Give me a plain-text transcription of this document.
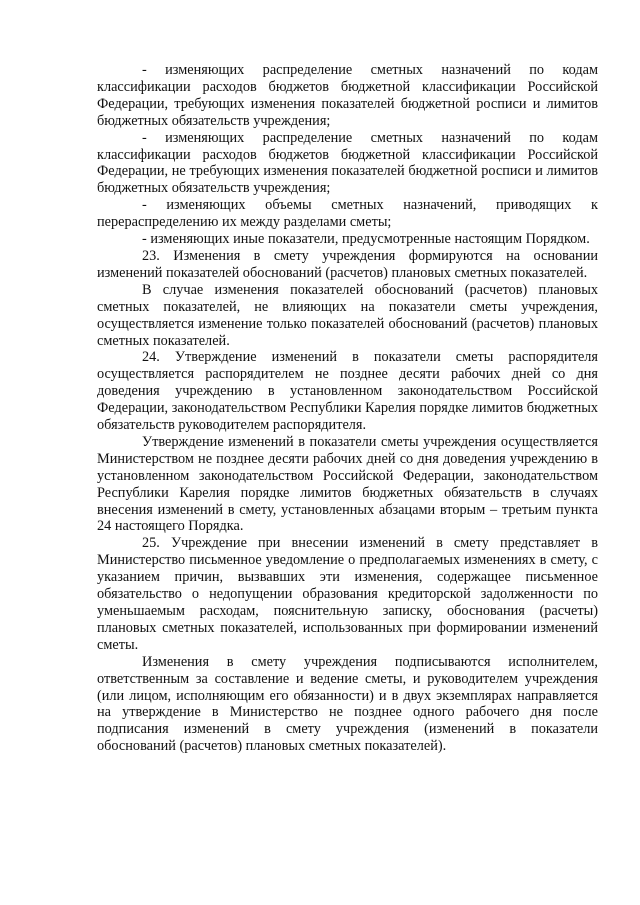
- изменяющих распределение сметных назначений по кодам классификации расходов бюджетов бюджетной классификации Российской Федерации, требующих изменения показателей бюджетной росписи и лимитов бюджетных обязательств учреждения;

- изменяющих распределение сметных назначений по кодам классификации расходов бюджетов бюджетной классификации Российской Федерации, не требующих изменения показателей бюджетной росписи и лимитов бюджетных обязательств учреждения;

- изменяющих объемы сметных назначений, приводящих к перераспределению их между разделами сметы;

- изменяющих иные показатели, предусмотренные настоящим Порядком.

23. Изменения в смету учреждения формируются на основании изменений показателей обоснований (расчетов) плановых сметных показателей.

В случае изменения показателей обоснований (расчетов) плановых сметных показателей, не влияющих на показатели сметы учреждения, осуществляется изменение только показателей обоснований (расчетов) плановых сметных показателей.

24. Утверждение изменений в показатели сметы распорядителя осуществляется распорядителем не позднее десяти рабочих дней со дня доведения учреждению в установленном законодательством Российской Федерации, законодательством Республики Карелия порядке лимитов бюджетных обязательств руководителем распорядителя.

Утверждение изменений в показатели сметы учреждения осуществляется Министерством не позднее десяти рабочих дней со дня доведения учреждению в установленном законодательством Российской Федерации, законодательством Республики Карелия порядке лимитов бюджетных обязательств в случаях внесения изменений в смету, установленных абзацами вторым – третьим пункта 24 настоящего Порядка.

25. Учреждение при внесении изменений в смету представляет в Министерство письменное уведомление о предполагаемых изменениях в смету, с указанием причин, вызвавших эти изменения, содержащее письменное обязательство о недопущении образования кредиторской задолженности по уменьшаемым расходам, пояснительную записку, обоснования (расчеты) плановых сметных показателей, использованных при формировании изменений сметы.

Изменения в смету учреждения подписываются исполнителем, ответственным за составление и ведение сметы, и руководителем учреждения (или лицом, исполняющим его обязанности) и в двух экземплярах направляется на утверждение в Министерство не позднее одного рабочего дня после подписания изменений в смету учреждения (изменений в показатели обоснований (расчетов) плановых сметных показателей).
